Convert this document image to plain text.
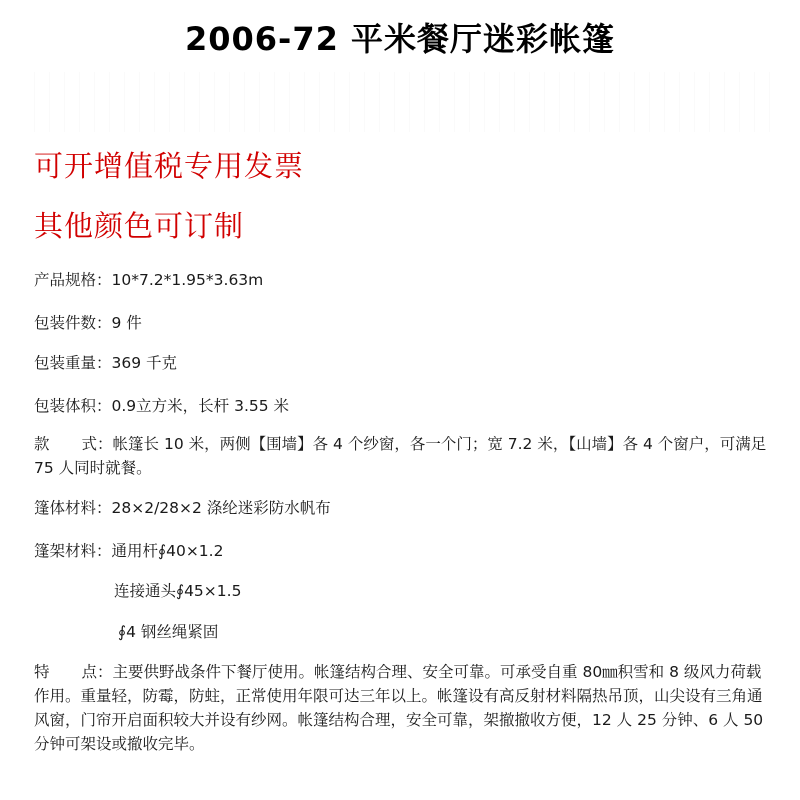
2006-72 平米餐厅迷彩帐篷
可开增值税专用发票
其他颜色可订制
产品规格：10*7.2*1.95*3.63m
包装件数：9 件
包装重量：369 千克
包装体积：0.9立方米，长杆 3.55 米
款 式：帐篷长 10 米，两侧【围墙】各 4 个纱窗，各一个门；宽 7.2 米，【山墙】各 4 个窗户，可满足 75 人同时就餐。
篷体材料：28×2/28×2 涤纶迷彩防水帆布
篷架材料：通用杆∮40×1.2
连接通头∮45×1.5
∮4 钢丝绳紧固
特 点：主要供野战条件下餐厅使用。帐篷结构合理、安全可靠。可承受自重 80㎜积雪和 8 级风力荷载作用。重量轻，防霉，防蛀，正常使用年限可达三年以上。帐篷设有高反射材料隔热吊顶，山尖设有三角通风窗，门帘开启面积较大并设有纱网。帐篷结构合理，安全可靠，架撤撤收方便，12 人 25 分钟、6 人 50 分钟可架设或撤收完毕。
